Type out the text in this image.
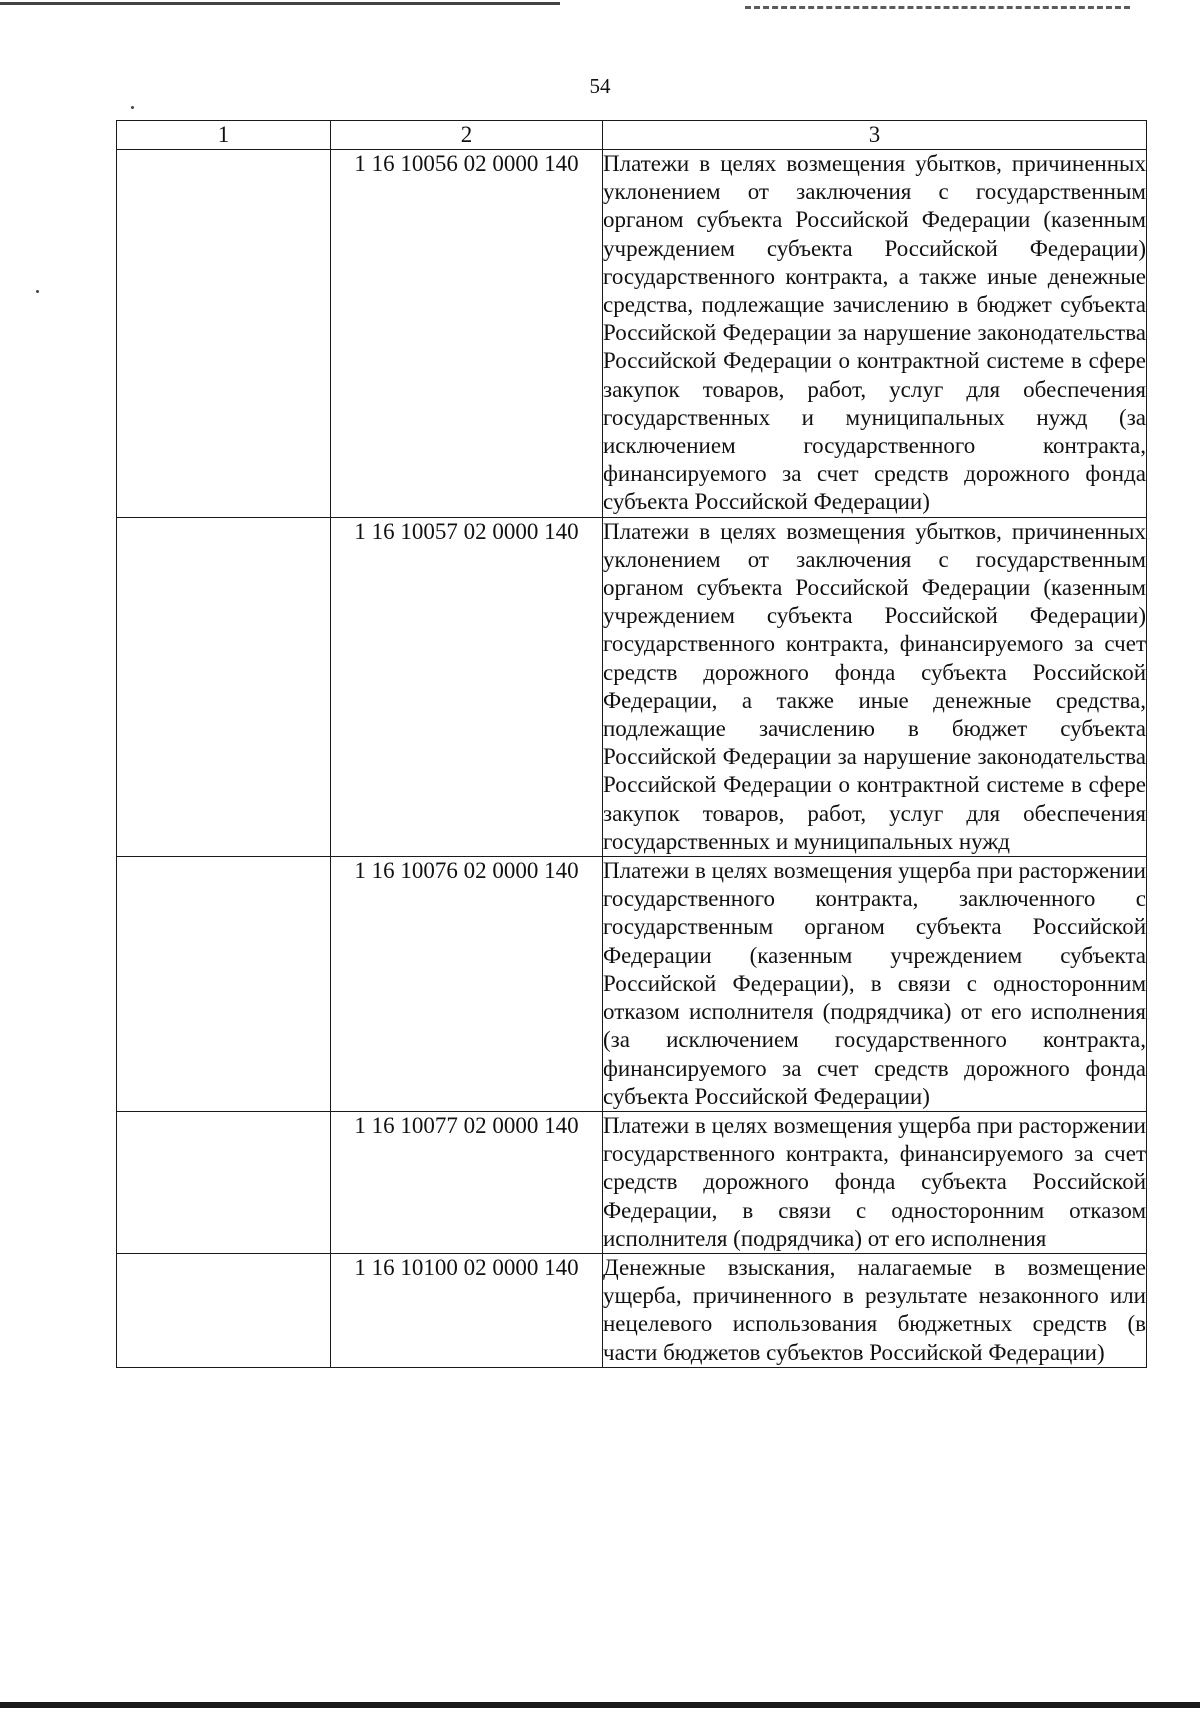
54
1	2	3
	1 16 10056 02 0000 140	Платежи в целях возмещения убытков, причиненных уклонением от заключения с государственным органом субъекта Российской Федерации (казенным учреждением субъекта Российской Федерации) государственного контракта, а также иные денежные средства, подлежащие зачислению в бюджет субъекта Российской Федерации за нарушение законодательства Российской Федерации о контрактной системе в сфере закупок товаров, работ, услуг для обеспечения государственных и муниципальных нужд (за исключением государственного контракта, финансируемого за счет средств дорожного фонда субъекта Российской Федерации)

	1 16 10057 02 0000 140	Платежи в целях возмещения убытков, причиненных уклонением от заключения с государственным органом субъекта Российской Федерации (казенным учреждением субъекта Российской Федерации) государственного контракта, финансируемого за счет средств дорожного фонда субъекта Российской Федерации, а также иные денежные средства, подлежащие зачислению в бюджет субъекта Российской Федерации за нарушение законодательства Российской Федерации о контрактной системе в сфере закупок товаров, работ, услуг для обеспечения государственных и муниципальных нужд

	1 16 10076 02 0000 140	Платежи в целях возмещения ущерба при расторжении государственного контракта, заключенного с государственным органом субъекта Российской Федерации (казенным учреждением субъекта Российской Федерации), в связи с односторонним отказом исполнителя (подрядчика) от его исполнения (за исключением государственного контракта, финансируемого за счет средств дорожного фонда субъекта Российской Федерации)

	1 16 10077 02 0000 140	Платежи в целях возмещения ущерба при расторжении государственного контракта, финансируемого за счет средств дорожного фонда субъекта Российской Федерации, в связи с односторонним отказом исполнителя (подрядчика) от его исполнения

	1 16 10100 02 0000 140	Денежные взыскания, налагаемые в возмещение ущерба, причиненного в результате незаконного или нецелевого использования бюджетных средств (в части бюджетов субъектов Российской Федерации)
